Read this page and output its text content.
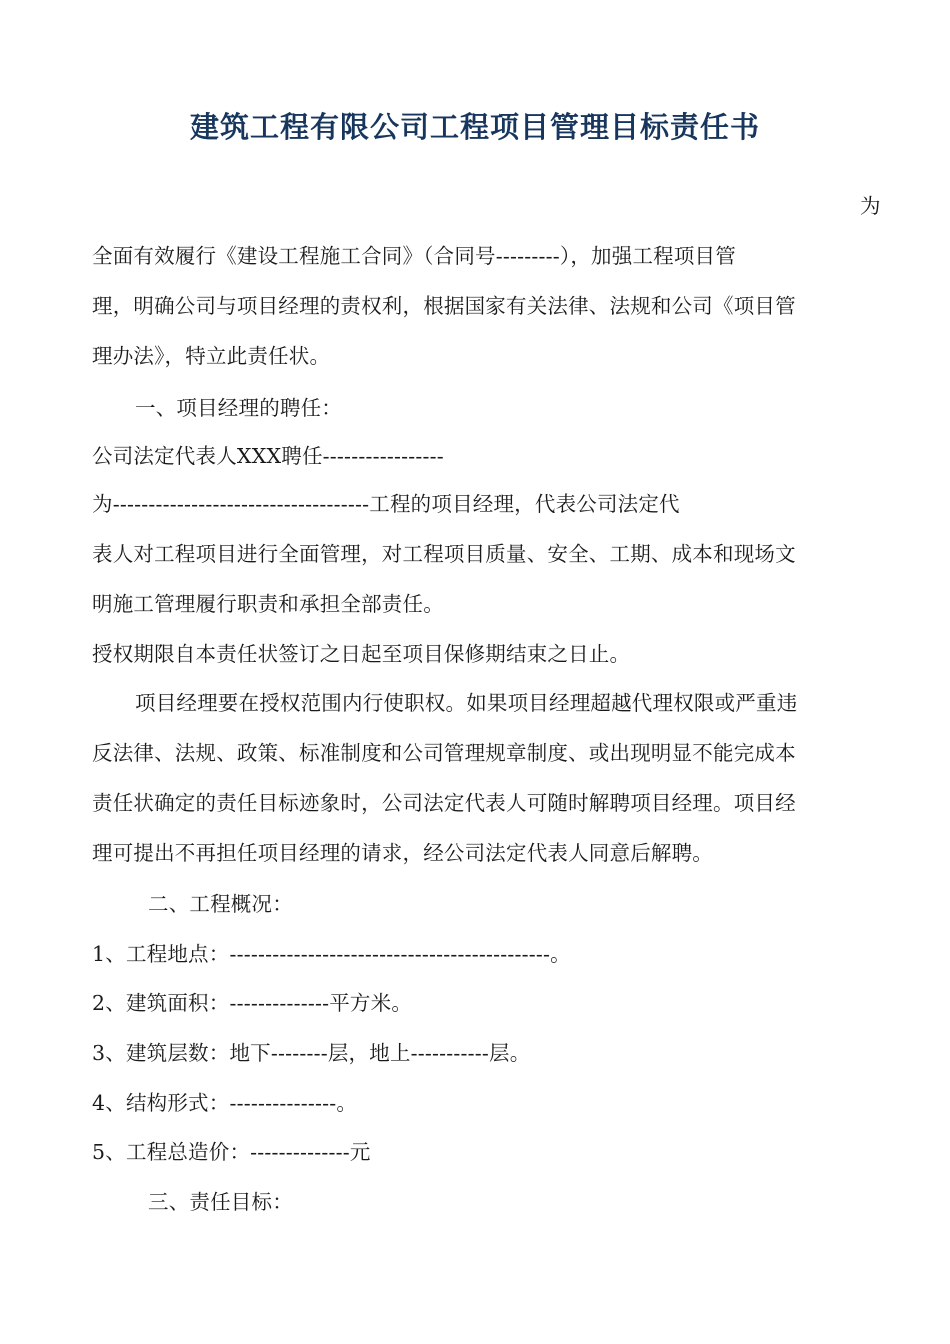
建筑工程有限公司工程项目管理目标责任书
为
全面有效履行《建设工程施工合同》（合同号---------），加强工程项目管
理，明确公司与项目经理的责权利，根据国家有关法律、法规和公司《项目管
理办法》，特立此责任状。
一、项目经理的聘任：
公司法定代表人XXX聘任-----------------
为------------------------------------工程的项目经理，代表公司法定代
表人对工程项目进行全面管理，对工程项目质量、安全、工期、成本和现场文
明施工管理履行职责和承担全部责任。
授权期限自本责任状签订之日起至项目保修期结束之日止。
项目经理要在授权范围内行使职权。如果项目经理超越代理权限或严重违
反法律、法规、政策、标准制度和公司管理规章制度、或出现明显不能完成本
责任状确定的责任目标迹象时，公司法定代表人可随时解聘项目经理。项目经
理可提出不再担任项目经理的请求，经公司法定代表人同意后解聘。
二、工程概况：
1、工程地点：---------------------------------------------。
2、建筑面积：--------------平方米。
3、建筑层数：地下--------层，地上-----------层。
4、结构形式：---------------。
5、工程总造价：--------------元
三、责任目标：
